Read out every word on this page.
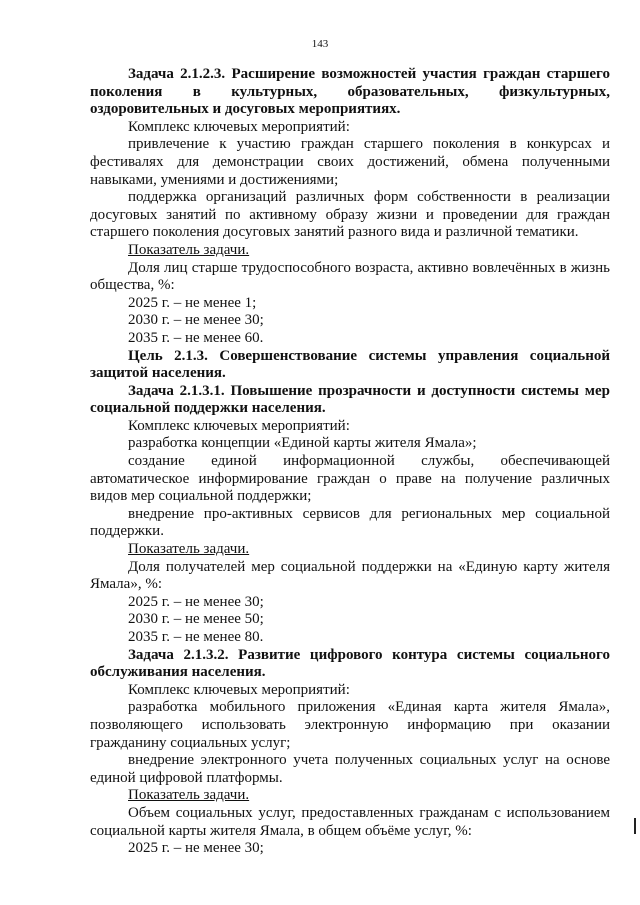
143

Задача 2.1.2.3. Расширение возможностей участия граждан старшего поколения в культурных, образовательных, физкультурных, оздоровительных и досуговых мероприятиях.

Комплекс ключевых мероприятий:

привлечение к участию граждан старшего поколения в конкурсах и фестивалях для демонстрации своих достижений, обмена полученными навыками, умениями и достижениями;

поддержка организаций различных форм собственности в реализации досуговых занятий по активному образу жизни и проведении для граждан старшего поколения досуговых занятий разного вида и различной тематики.

Показатель задачи.

Доля лиц старше трудоспособного возраста, активно вовлечённых в жизнь общества, %:

2025 г. – не менее 1;

2030 г. – не менее 30;

2035 г. – не менее 60.

Цель 2.1.3. Совершенствование системы управления социальной защитой населения.

Задача 2.1.3.1. Повышение прозрачности и доступности системы мер социальной поддержки населения.

Комплекс ключевых мероприятий:

разработка концепции «Единой карты жителя Ямала»;

создание единой информационной службы, обеспечивающей автоматическое информирование граждан о праве на получение различных видов мер социальной поддержки;

внедрение про-активных сервисов для региональных мер социальной поддержки.

Показатель задачи.

Доля получателей мер социальной поддержки на «Единую карту жителя Ямала», %:

2025 г. – не менее 30;

2030 г. – не менее 50;

2035 г. – не менее 80.

Задача 2.1.3.2. Развитие цифрового контура системы социального обслуживания населения.

Комплекс ключевых мероприятий:

разработка мобильного приложения «Единая карта жителя Ямала», позволяющего использовать электронную информацию при оказании гражданину социальных услуг;

внедрение электронного учета полученных социальных услуг на основе единой цифровой платформы.

Показатель задачи.

Объем социальных услуг, предоставленных гражданам с использованием социальной карты жителя Ямала, в общем объёме услуг, %:

2025 г. – не менее 30;
